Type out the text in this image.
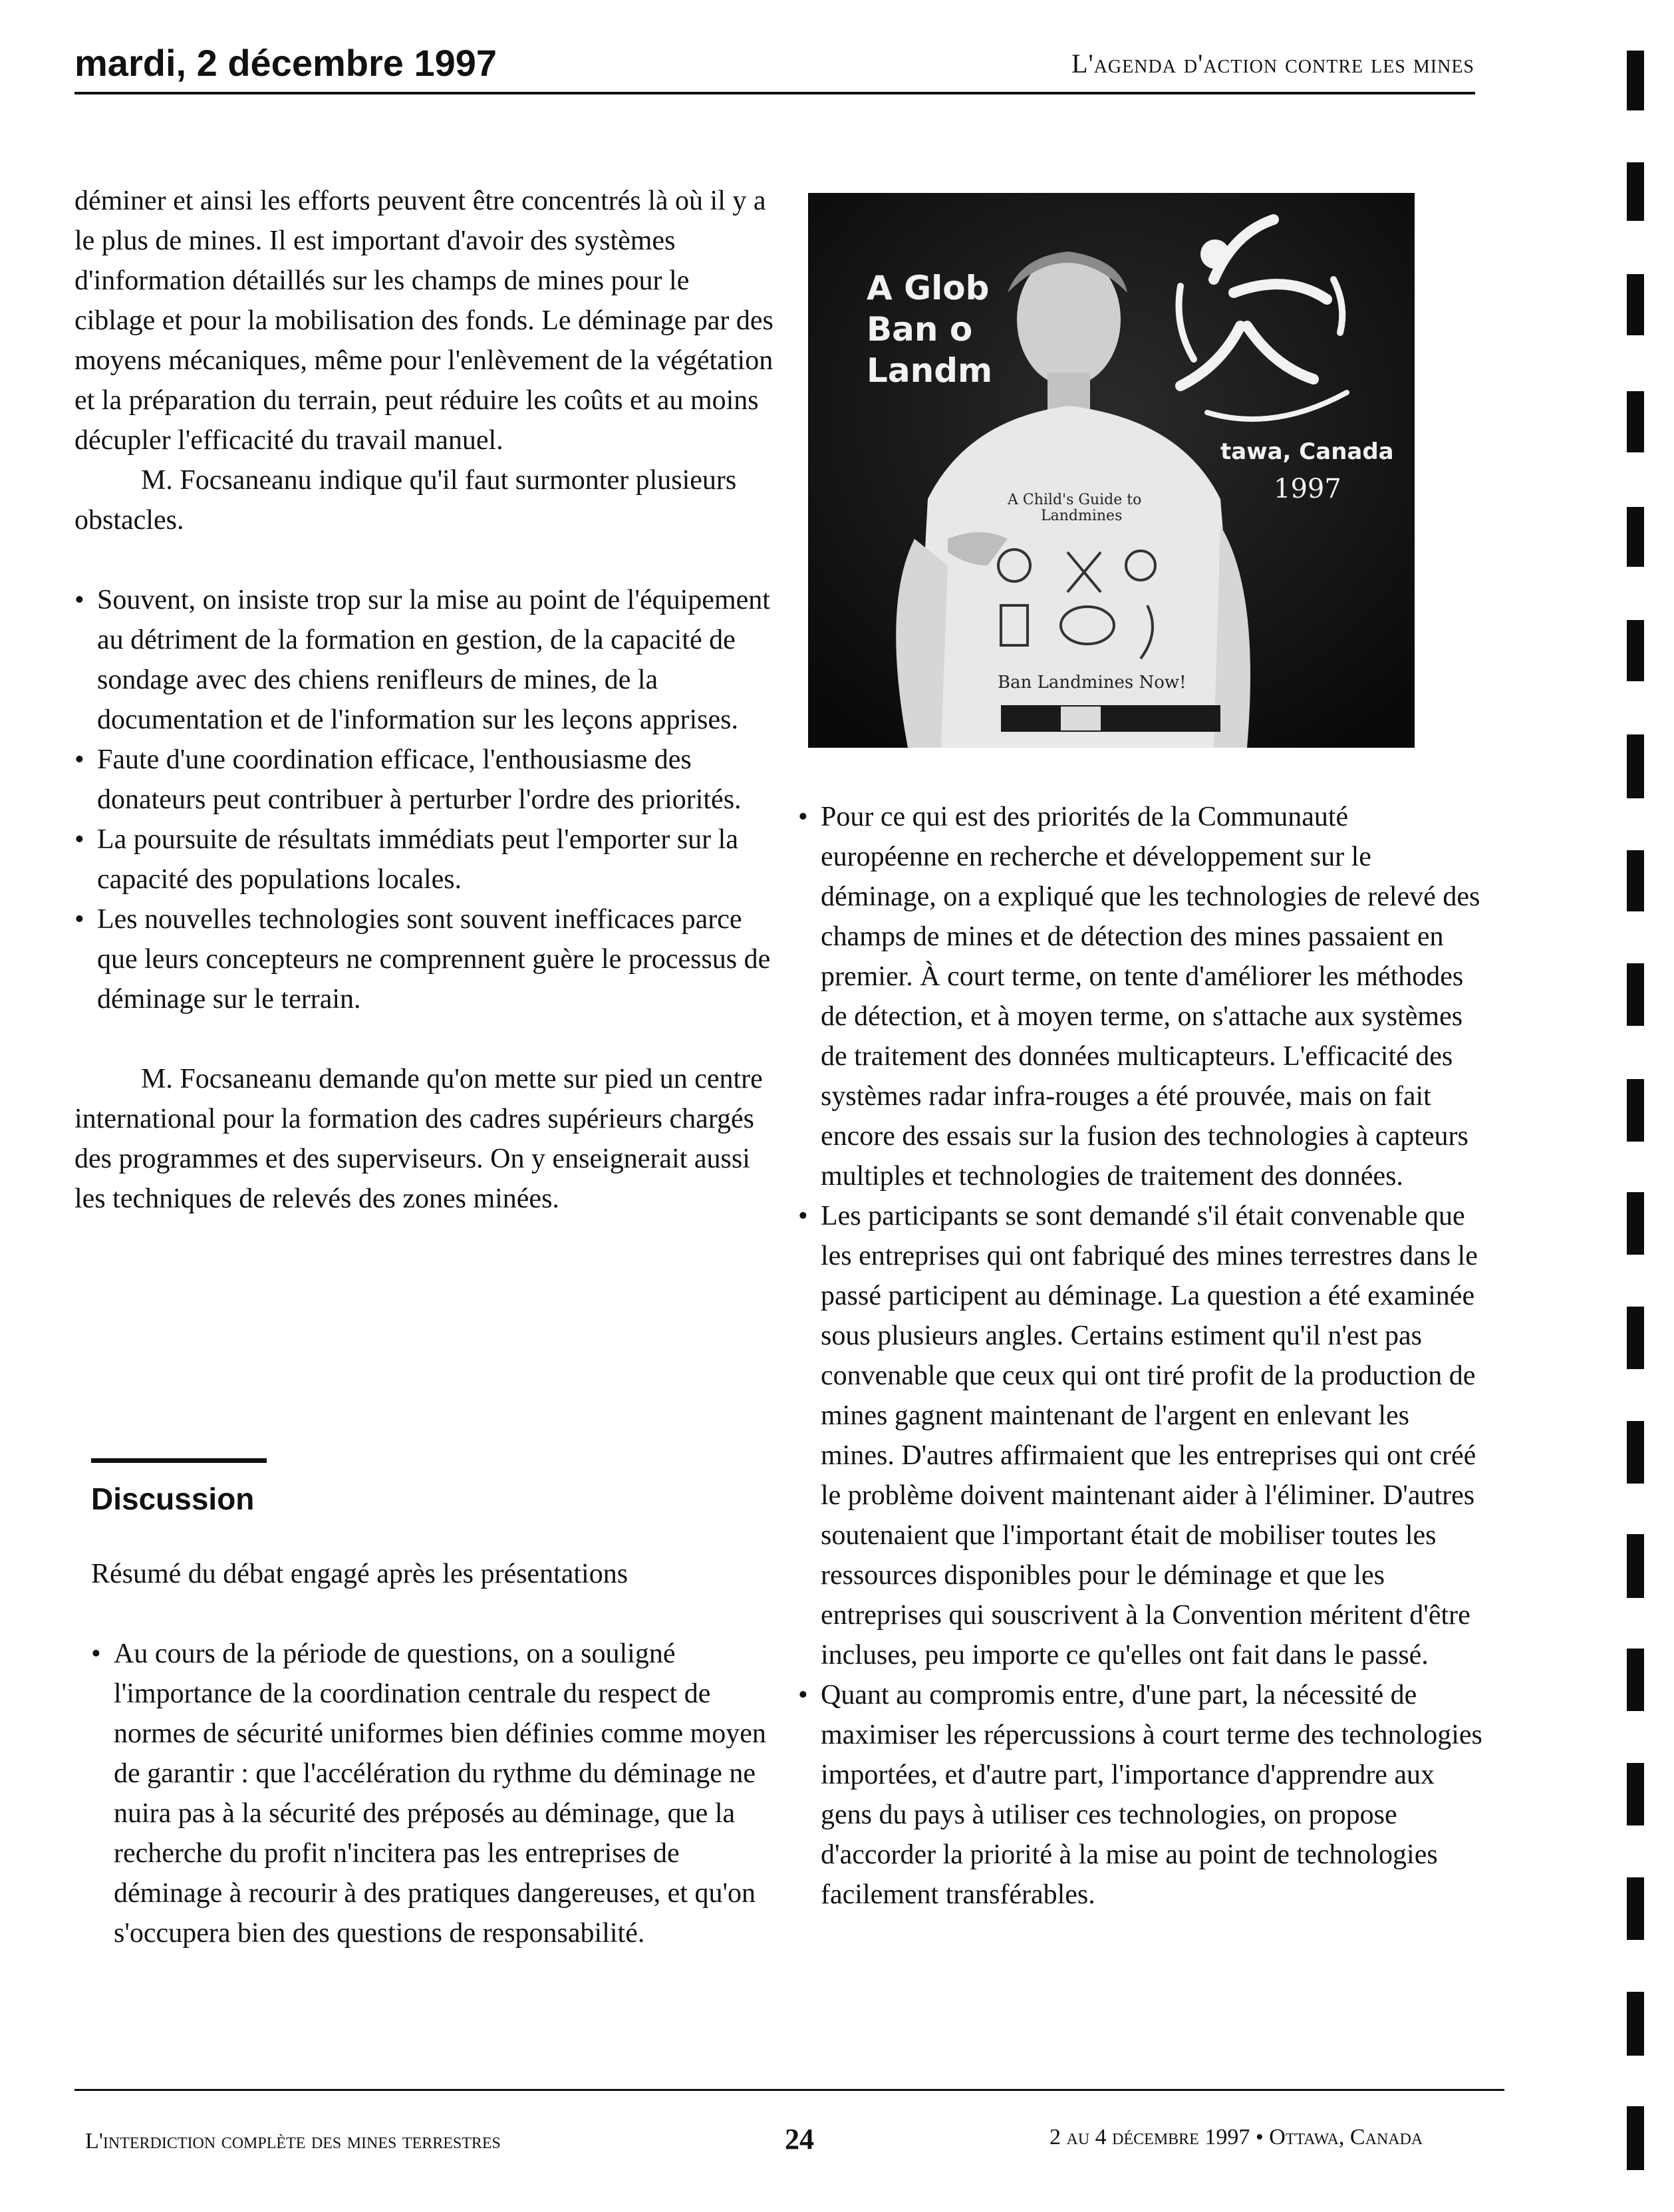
mardi, 2 décembre 1997	L'agenda d'action contre les mines

déminer et ainsi les efforts peuvent être concentrés là où il y a le plus de mines. Il est important d'avoir des systèmes d'information détaillés sur les champs de mines pour le ciblage et pour la mobilisation des fonds. Le déminage par des moyens mécaniques, même pour l'enlèvement de la végétation et la préparation du terrain, peut réduire les coûts et au moins décupler l'efficacité du travail manuel.

M. Focsaneanu indique qu'il faut surmonter plusieurs obstacles.

• Souvent, on insiste trop sur la mise au point de l'équipement au détriment de la formation en gestion, de la capacité de sondage avec des chiens renifleurs de mines, de la documentation et de l'information sur les leçons apprises.

• Faute d'une coordination efficace, l'enthousiasme des donateurs peut contribuer à perturber l'ordre des priorités.

• La poursuite de résultats immédiats peut l'emporter sur la capacité des populations locales.

• Les nouvelles technologies sont souvent inefficaces parce que leurs concepteurs ne comprennent guère le processus de déminage sur le terrain.

M. Focsaneanu demande qu'on mette sur pied un centre international pour la formation des cadres supérieurs chargés des programmes et des superviseurs. On y enseignerait aussi les techniques de relevés des zones minées.

Discussion

Résumé du débat engagé après les présentations

• Au cours de la période de questions, on a souligné l'importance de la coordination centrale du respect de normes de sécurité uniformes bien définies comme moyen de garantir : que l'accélération du rythme du déminage ne nuira pas à la sécurité des préposés au déminage, que la recherche du profit n'incitera pas les entreprises de déminage à recourir à des pratiques dangereuses, et qu'on s'occupera bien des questions de responsabilité.

A Glob
Ban o
Landm
tawa, Canada
1997
A Child's Guide to
Landmines
Ban Landmines Now!

• Pour ce qui est des priorités de la Communauté européenne en recherche et développement sur le déminage, on a expliqué que les technologies de relevé des champs de mines et de détection des mines passaient en premier. À court terme, on tente d'améliorer les méthodes de détection, et à moyen terme, on s'attache aux systèmes de traitement des données multicapteurs. L'efficacité des systèmes radar infra-rouges a été prouvée, mais on fait encore des essais sur la fusion des technologies à capteurs multiples et technologies de traitement des données.

• Les participants se sont demandé s'il était convenable que les entreprises qui ont fabriqué des mines terrestres dans le passé participent au déminage. La question a été examinée sous plusieurs angles. Certains estiment qu'il n'est pas convenable que ceux qui ont tiré profit de la production de mines gagnent maintenant de l'argent en enlevant les mines. D'autres affirmaient que les entreprises qui ont créé le problème doivent maintenant aider à l'éliminer. D'autres soutenaient que l'important était de mobiliser toutes les ressources disponibles pour le déminage et que les entreprises qui souscrivent à la Convention méritent d'être incluses, peu importe ce qu'elles ont fait dans le passé.

• Quant au compromis entre, d'une part, la nécessité de maximiser les répercussions à court terme des technologies importées, et d'autre part, l'importance d'apprendre aux gens du pays à utiliser ces technologies, on propose d'accorder la priorité à la mise au point de technologies facilement transférables.

L'interdiction complète des mines terrestres	24	2 au 4 décembre 1997 • Ottawa, Canada
